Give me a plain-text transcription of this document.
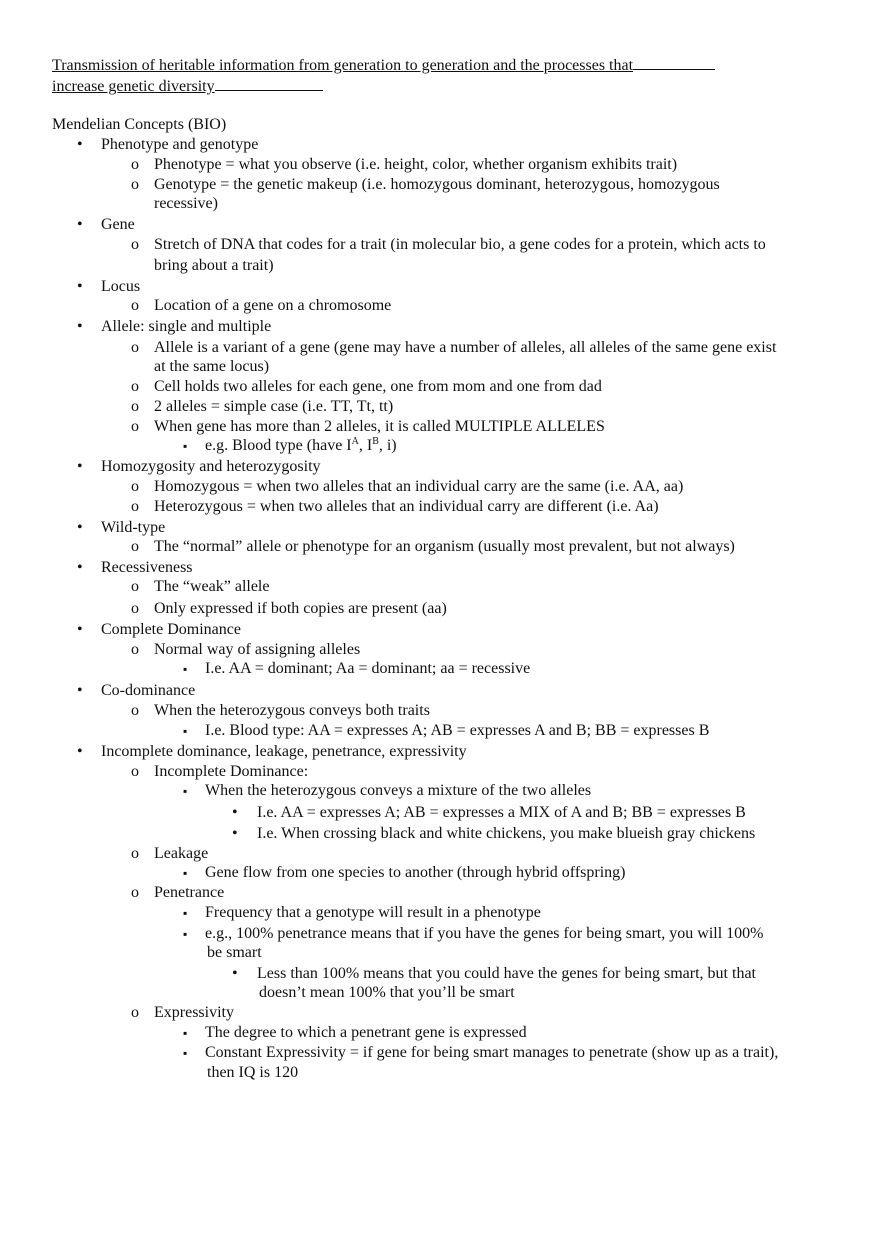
Transmission of heritable information from generation to generation and the processes that
increase genetic diversity
Mendelian Concepts (BIO)
• Phenotype and genotype
o Phenotype = what you observe (i.e. height, color, whether organism exhibits trait)
o Genotype = the genetic makeup (i.e. homozygous dominant, heterozygous, homozygous
recessive)
• Gene
o Stretch of DNA that codes for a trait (in molecular bio, a gene codes for a protein, which acts to
bring about a trait)
• Locus
o Location of a gene on a chromosome
• Allele: single and multiple
o Allele is a variant of a gene (gene may have a number of alleles, all alleles of the same gene exist
at the same locus)
o Cell holds two alleles for each gene, one from mom and one from dad
o 2 alleles = simple case (i.e. TT, Tt, tt)
o When gene has more than 2 alleles, it is called MULTIPLE ALLELES
▪ e.g. Blood type (have $I^A$, $I^B$, i)
• Homozygosity and heterozygosity
o Homozygous = when two alleles that an individual carry are the same (i.e. AA, aa)
o Heterozygous = when two alleles that an individual carry are different (i.e. Aa)
• Wild-type
o The “normal” allele or phenotype for an organism (usually most prevalent, but not always)
• Recessiveness
o The “weak” allele
o Only expressed if both copies are present (aa)
• Complete Dominance
o Normal way of assigning alleles
▪ I.e. AA = dominant; Aa = dominant; aa = recessive
• Co-dominance
o When the heterozygous conveys both traits
▪ I.e. Blood type: AA = expresses A; AB = expresses A and B; BB = expresses B
• Incomplete dominance, leakage, penetrance, expressivity
o Incomplete Dominance:
▪ When the heterozygous conveys a mixture of the two alleles
• I.e. AA = expresses A; AB = expresses a MIX of A and B; BB = expresses B
• I.e. When crossing black and white chickens, you make blueish gray chickens
o Leakage
▪ Gene flow from one species to another (through hybrid offspring)
o Penetrance
▪ Frequency that a genotype will result in a phenotype
▪ e.g., 100% penetrance means that if you have the genes for being smart, you will 100%
be smart
• Less than 100% means that you could have the genes for being smart, but that
doesn’t mean 100% that you’ll be smart
o Expressivity
▪ The degree to which a penetrant gene is expressed
▪ Constant Expressivity = if gene for being smart manages to penetrate (show up as a trait),
then IQ is 120
